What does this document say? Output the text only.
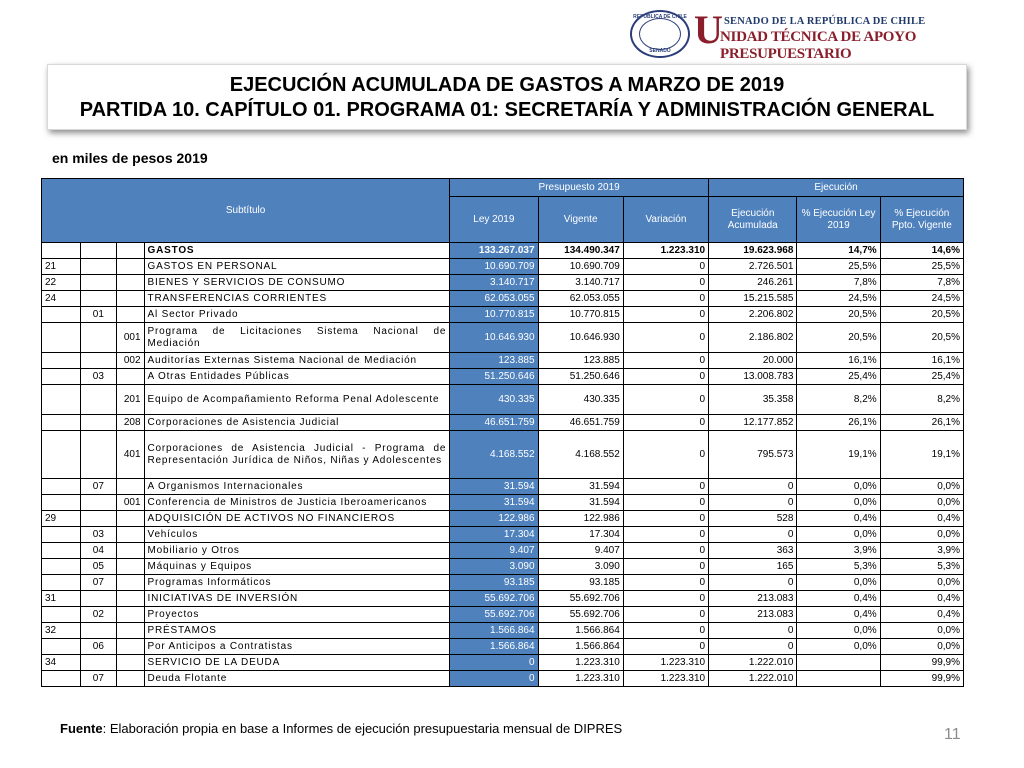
REPÚBLICA DE CHILE
SENADO U SENADO DE LA REPÚBLICA DE CHILE
NIDAD TÉCNICA DE APOYO PRESUPUESTARIO
EJECUCIÓN ACUMULADA DE GASTOS A MARZO DE 2019
PARTIDA 10. CAPÍTULO 01. PROGRAMA 01: SECRETARÍA Y ADMINISTRACIÓN GENERAL
en miles de pesos 2019
Subtítulo				Presupuesto 2019			Ejecución		
				Ley 2019	Vigente	Variación	Ejecución Acumulada	% Ejecución Ley 2019	% Ejecución Ppto. Vigente
			GASTOS	133.267.037	134.490.347	1.223.310	19.623.968	14,7%	14,6%
21			GASTOS EN PERSONAL	10.690.709	10.690.709	0	2.726.501	25,5%	25,5%
22			BIENES Y SERVICIOS DE CONSUMO	3.140.717	3.140.717	0	246.261	7,8%	7,8%
24			TRANSFERENCIAS CORRIENTES	62.053.055	62.053.055	0	15.215.585	24,5%	24,5%
	01		Al Sector Privado	10.770.815	10.770.815	0	2.206.802	20,5%	20,5%
		001	Programa de Licitaciones Sistema Nacional de Mediación	10.646.930	10.646.930	0	2.186.802	20,5%	20,5%
		002	Auditorías Externas Sistema Nacional de Mediación	123.885	123.885	0	20.000	16,1%	16,1%
	03		A Otras Entidades Públicas	51.250.646	51.250.646	0	13.008.783	25,4%	25,4%
		201	Equipo de Acompañamiento Reforma Penal Adolescente	430.335	430.335	0	35.358	8,2%	8,2%
		208	Corporaciones de Asistencia Judicial	46.651.759	46.651.759	0	12.177.852	26,1%	26,1%
		401	Corporaciones de Asistencia Judicial - Programa de Representación Jurídica de Niños, Niñas y Adolescentes	4.168.552	4.168.552	0	795.573	19,1%	19,1%
	07		A Organismos Internacionales	31.594	31.594	0	0	0,0%	0,0%
		001	Conferencia de Ministros de Justicia Iberoamericanos	31.594	31.594	0	0	0,0%	0,0%
29			ADQUISICIÓN DE ACTIVOS NO FINANCIEROS	122.986	122.986	0	528	0,4%	0,4%
	03		Vehículos	17.304	17.304	0	0	0,0%	0,0%
	04		Mobiliario y Otros	9.407	9.407	0	363	3,9%	3,9%
	05		Máquinas y Equipos	3.090	3.090	0	165	5,3%	5,3%
	07		Programas Informáticos	93.185	93.185	0	0	0,0%	0,0%
31			INICIATIVAS DE INVERSIÓN	55.692.706	55.692.706	0	213.083	0,4%	0,4%
	02		Proyectos	55.692.706	55.692.706	0	213.083	0,4%	0,4%
32			PRÉSTAMOS	1.566.864	1.566.864	0	0	0,0%	0,0%
	06		Por Anticipos a Contratistas	1.566.864	1.566.864	0	0	0,0%	0,0%
34			SERVICIO DE LA DEUDA	0	1.223.310	1.223.310	1.222.010		99,9%
	07		Deuda Flotante	0	1.223.310	1.223.310	1.222.010		99,9%
Fuente: Elaboración propia en base a Informes de ejecución presupuestaria mensual de DIPRES	11
